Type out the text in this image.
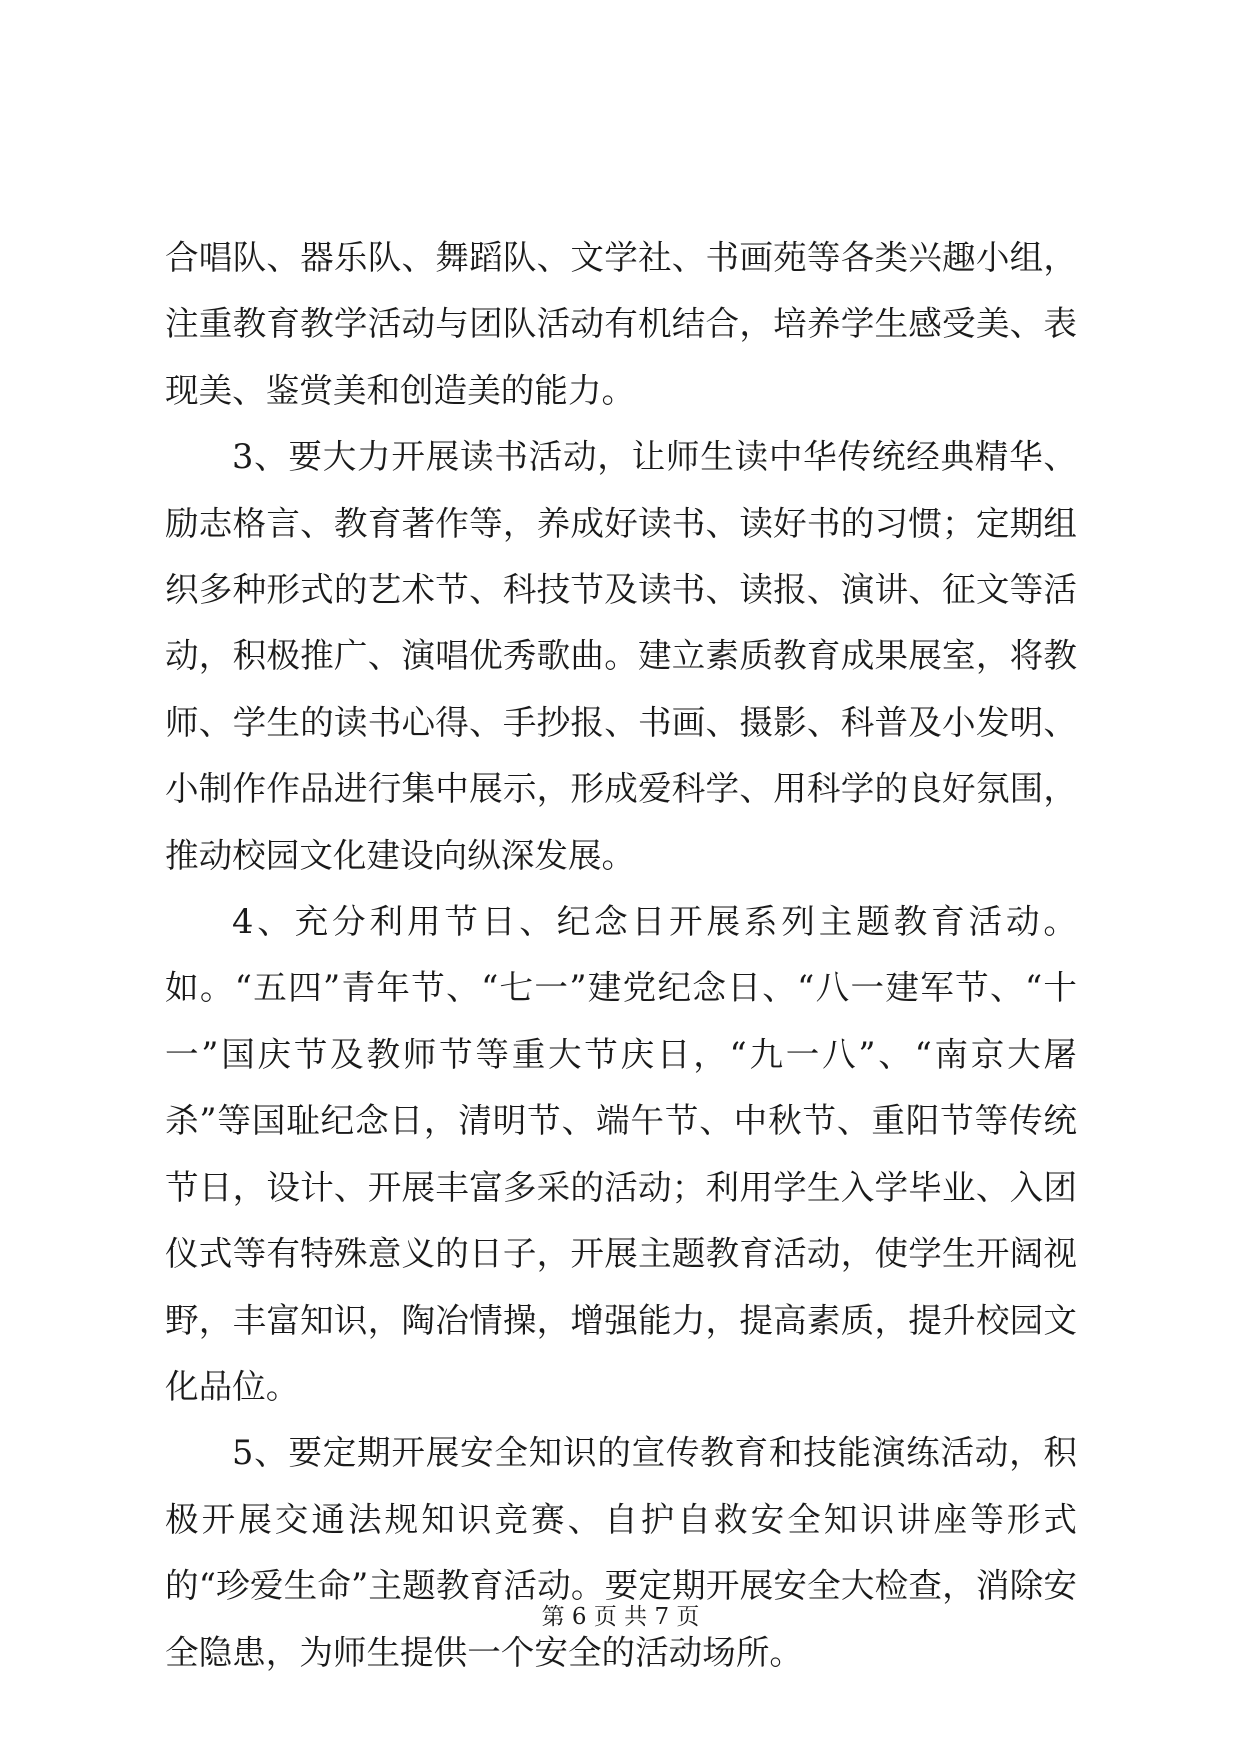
合唱队、器乐队、舞蹈队、文学社、书画苑等各类兴趣小组，注重教育教学活动与团队活动有机结合，培养学生感受美、表现美、鉴赏美和创造美的能力。

3、要大力开展读书活动，让师生读中华传统经典精华、励志格言、教育著作等，养成好读书、读好书的习惯；定期组织多种形式的艺术节、科技节及读书、读报、演讲、征文等活动，积极推广、演唱优秀歌曲。建立素质教育成果展室，将教师、学生的读书心得、手抄报、书画、摄影、科普及小发明、小制作作品进行集中展示，形成爱科学、用科学的良好氛围，推动校园文化建设向纵深发展。

4、充分利用节日、纪念日开展系列主题教育活动。如。“五四”青年节、“七一”建党纪念日、“八一建军节、“十一”国庆节及教师节等重大节庆日，“九一八”、“南京大屠杀”等国耻纪念日，清明节、端午节、中秋节、重阳节等传统节日，设计、开展丰富多采的活动；利用学生入学毕业、入团仪式等有特殊意义的日子，开展主题教育活动，使学生开阔视野，丰富知识，陶冶情操，增强能力，提高素质，提升校园文化品位。

5、要定期开展安全知识的宣传教育和技能演练活动，积极开展交通法规知识竞赛、自护自救安全知识讲座等形式的“珍爱生命”主题教育活动。要定期开展安全大检查，消除安全隐患，为师生提供一个安全的活动场所。

第 6 页 共 7 页
